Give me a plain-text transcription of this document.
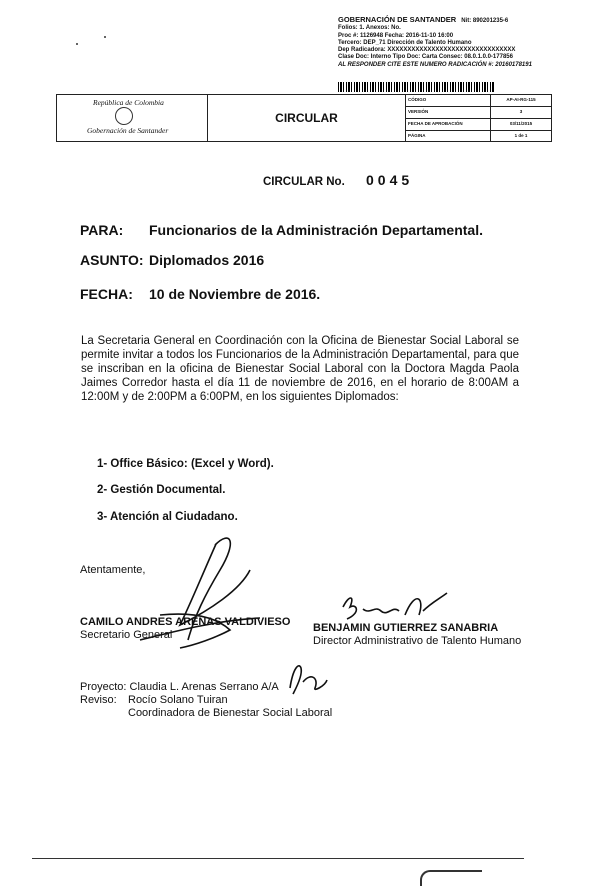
GOBERNACIÓN DE SANTANDER Nit: 890201235-6
Folios: 1. Anexos: No.
Proc #: 1126948 Fecha: 2016-11-10 16:00
Tercero: DEP_71 Dirección de Talento Humano
Dep Radicadora: XXXXXXXXXXXXXXXXXXXXXXXXXXXXXXXX
Clase Doc: Interno Tipo Doc: Carta Consec: 08.0.1.0.0-177856
AL RESPONDER CITE ESTE NUMERO RADICACIÓN #: 20160178191
República de Colombia
Gobernación de Santander
CIRCULAR
CÓDIGO	AP-AI-RG-115
VERSIÓN	3
FECHA DE APROBACIÓN	03/11/2015
PÁGINA	1 de 1
CIRCULAR No. 0045
PARA: Funcionarios de la Administración Departamental.
ASUNTO: Diplomados 2016
FECHA: 10 de Noviembre de 2016.
La Secretaria General en Coordinación con la Oficina de Bienestar Social Laboral se permite invitar a todos los Funcionarios de la Administración Departamental, para que se inscriban en la oficina de Bienestar Social Laboral con la Doctora Magda Paola Jaimes Corredor hasta el día 11 de noviembre de 2016, en el horario de 8:00AM a 12:00M y de 2:00PM a 6:00PM, en los siguientes Diplomados:
1- Office Básico: (Excel y Word).
2- Gestión Documental.
3- Atención al Ciudadano.
Atentamente,
CAMILO ANDRES ARENAS VALDIVIESO
Secretario General
BENJAMIN GUTIERREZ SANABRIA
Director Administrativo de Talento Humano
Proyecto: Claudia L. Arenas Serrano A/A
Reviso: Rocío Solano Tuiran
Coordinadora de Bienestar Social Laboral
